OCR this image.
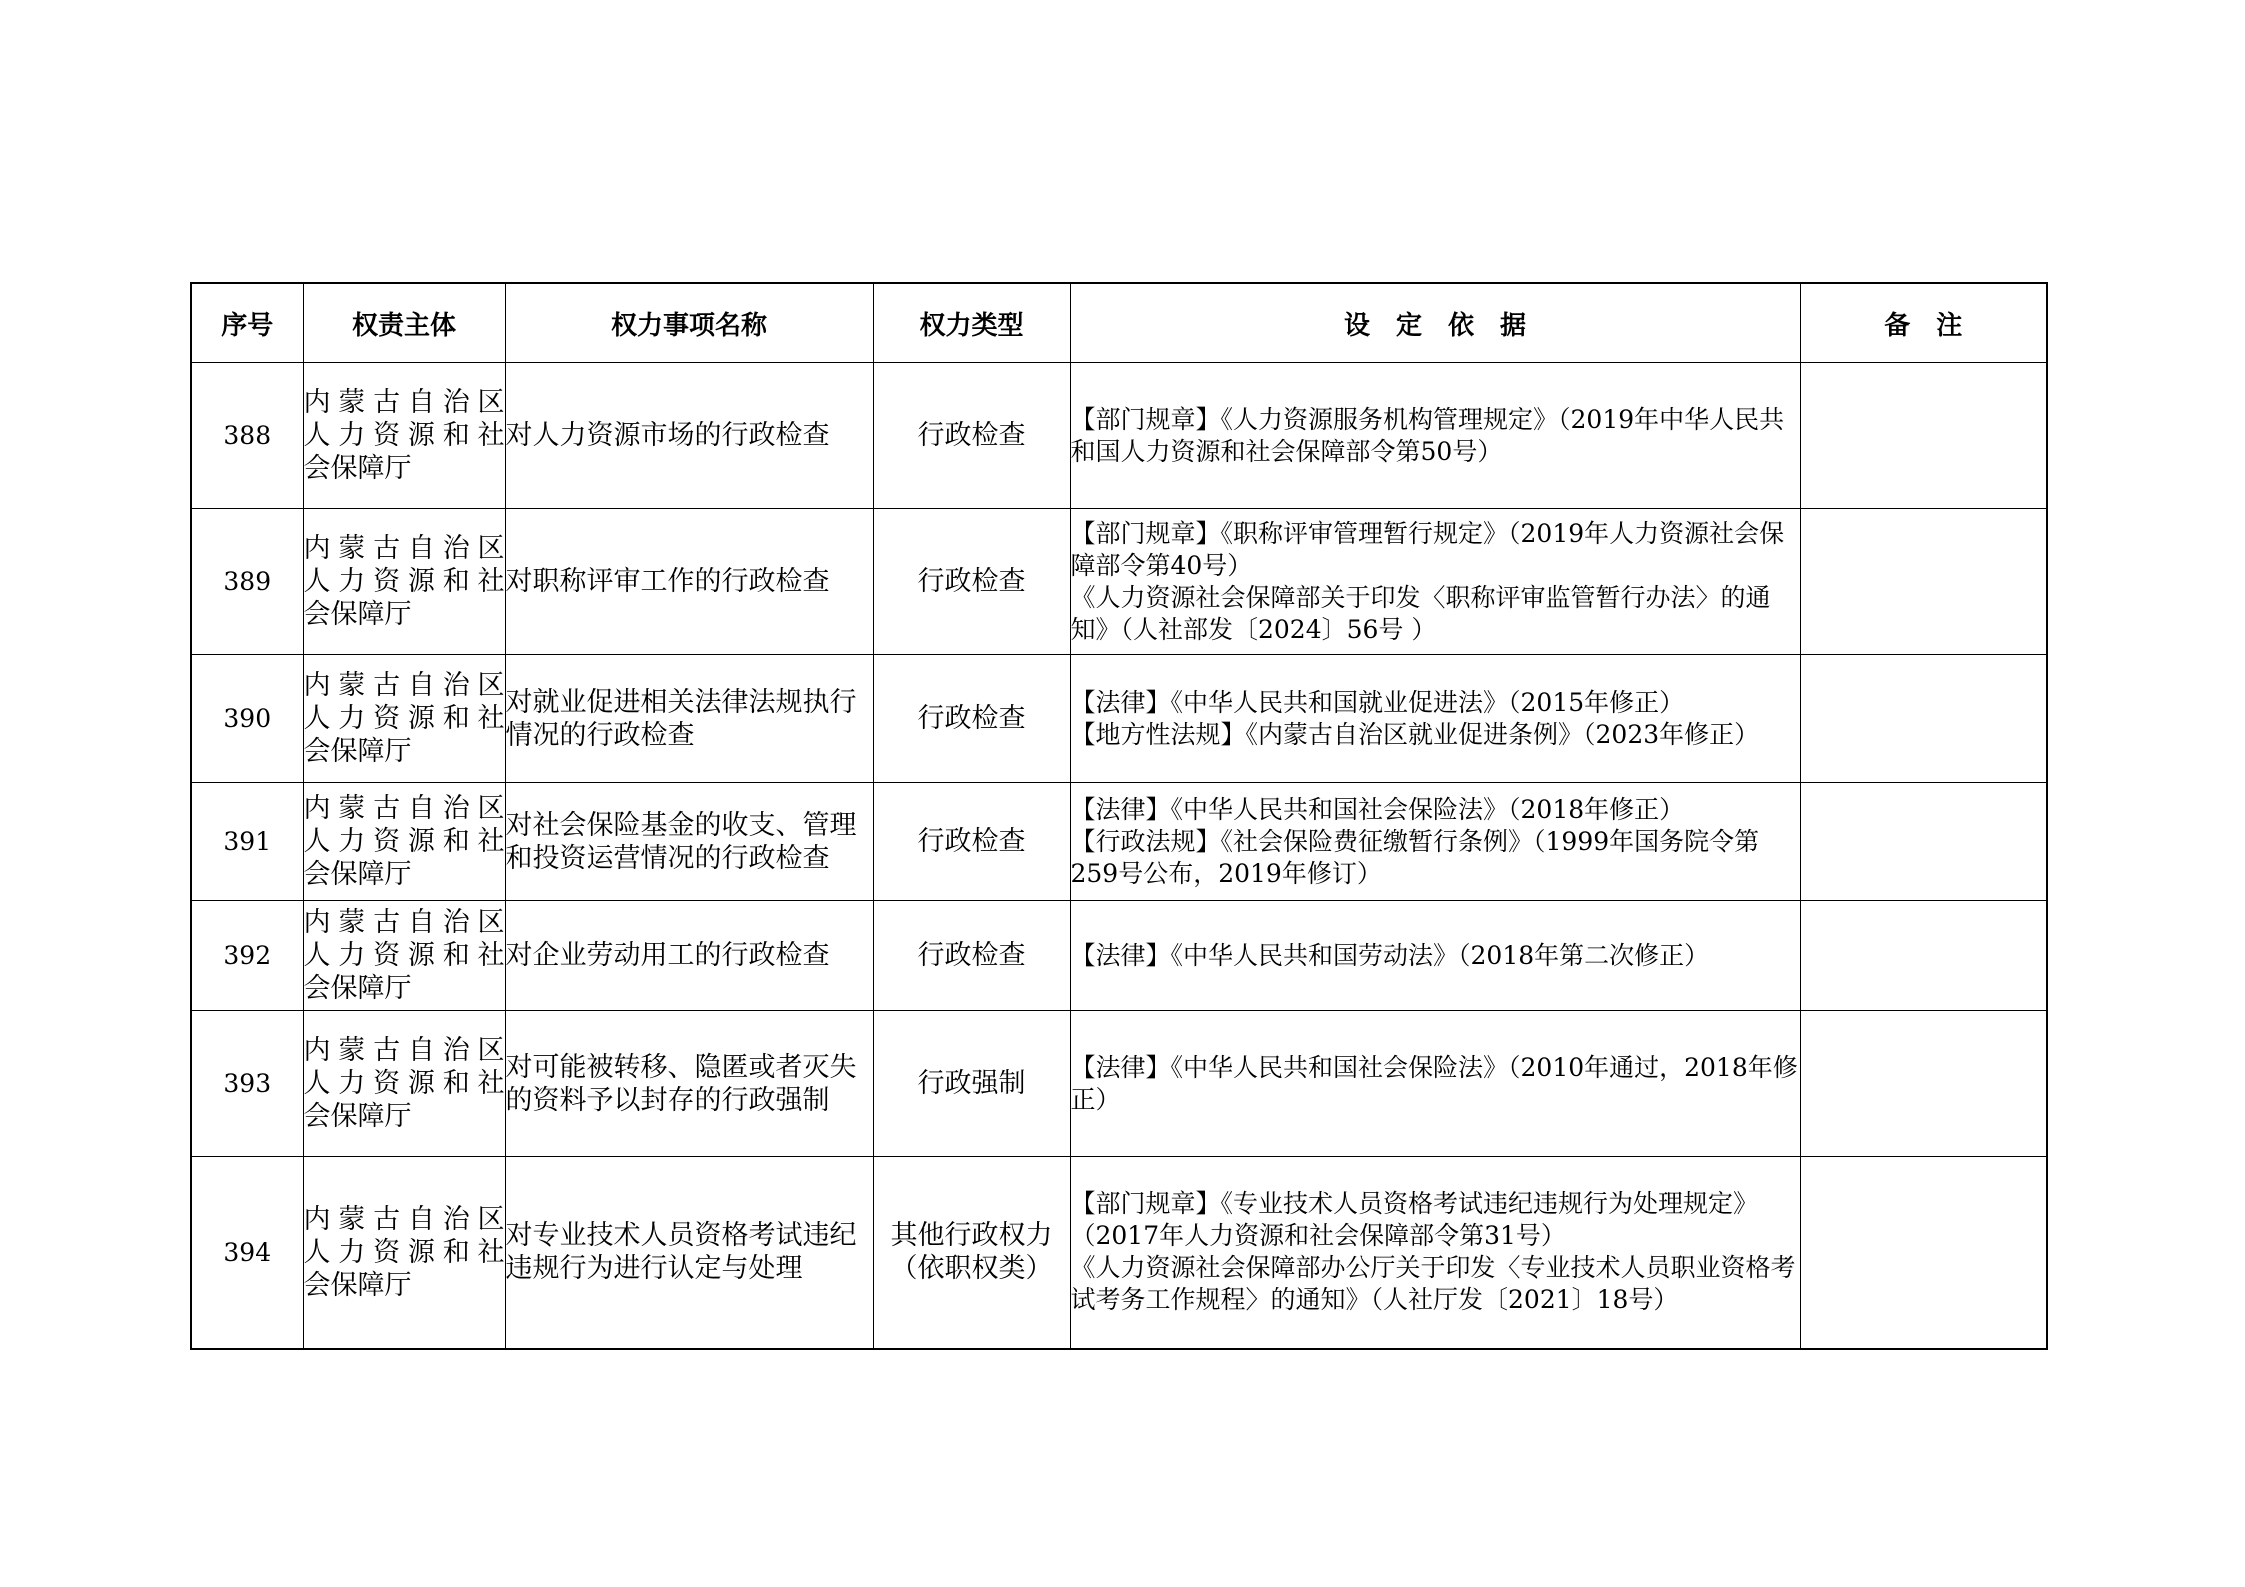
序号	权责主体	权力事项名称	权力类型	设　定　依　据	备　注
388	内蒙古自治区
人力资源和社
会保障厅	对人力资源市场的行政检查	行政检查	【部门规章】《人力资源服务机构管理规定》（2019年中华人民共和国人力资源和社会保障部令第50号）	

389	内蒙古自治区
人力资源和社
会保障厅	对职称评审工作的行政检查	行政检查	【部门规章】《职称评审管理暂行规定》（2019年人力资源社会保障部令第40号）
《人力资源社会保障部关于印发〈职称评审监管暂行办法〉的通知》（人社部发〔2024〕56号 ）	

390	内蒙古自治区
人力资源和社
会保障厅	对就业促进相关法律法规执行情况的行政检查	行政检查	【法律】《中华人民共和国就业促进法》（2015年修正）
【地方性法规】《内蒙古自治区就业促进条例》（2023年修正）	

391	内蒙古自治区
人力资源和社
会保障厅	对社会保险基金的收支、管理和投资运营情况的行政检查	行政检查	【法律】《中华人民共和国社会保险法》（2018年修正）
【行政法规】《社会保险费征缴暂行条例》（1999年国务院令第259号公布，2019年修订）	

392	内蒙古自治区
人力资源和社
会保障厅	对企业劳动用工的行政检查	行政检查	【法律】《中华人民共和国劳动法》（2018年第二次修正）	

393	内蒙古自治区
人力资源和社
会保障厅	对可能被转移、隐匿或者灭失的资料予以封存的行政强制	行政强制	【法律】《中华人民共和国社会保险法》（2010年通过，2018年修正）	

394	内蒙古自治区
人力资源和社
会保障厅	对专业技术人员资格考试违纪违规行为进行认定与处理	其他行政权力（依职权类）	【部门规章】《专业技术人员资格考试违纪违规行为处理规定》（2017年人力资源和社会保障部令第31号）
《人力资源社会保障部办公厅关于印发〈专业技术人员职业资格考试考务工作规程〉的通知》（人社厅发〔2021〕18号）	
